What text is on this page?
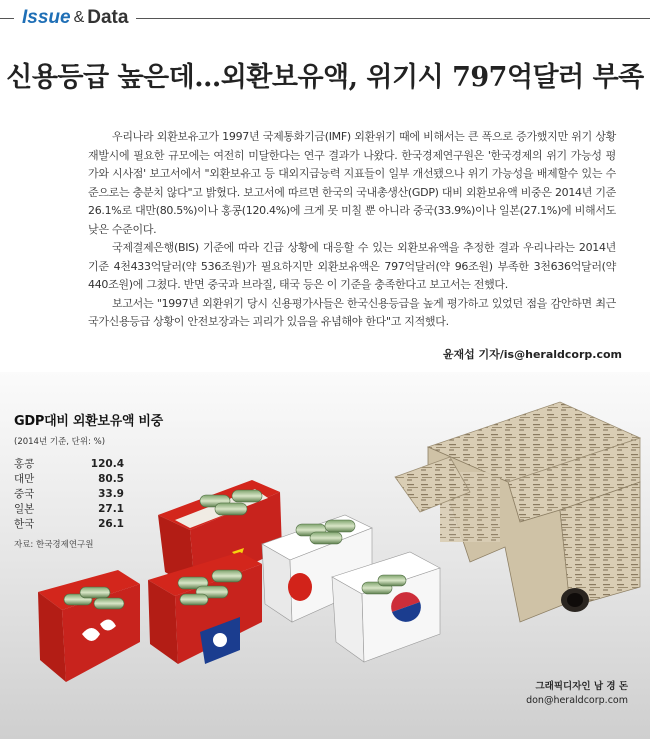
Issue & Data
신용등급 높은데…외환보유액, 위기시 797억달러 부족

우리나라 외환보유고가 1997년 국제통화기금(IMF) 외환위기 때에 비해서는 큰 폭으로 증가했지만 위기 상황 재발시에 필요한 규모에는 여전히 미달한다는 연구 결과가 나왔다. 한국경제연구원은 '한국경제의 위기 가능성 평가와 시사점' 보고서에서 "외환보유고 등 대외지급능력 지표들이 일부 개선됐으나 위기 가능성을 배제할수 있는 수준으로는 충분치 않다"고 밝혔다. 보고서에 따르면 한국의 국내총생산(GDP) 대비 외환보유액 비중은 2014년 기준 26.1%로 대만(80.5%)이나 홍콩(120.4%)에 크게 못 미칠 뿐 아니라 중국(33.9%)이나 일본(27.1%)에 비해서도 낮은 수준이다.

국제결제은행(BIS) 기준에 따라 긴급 상황에 대응할 수 있는 외환보유액을 추정한 결과 우리나라는 2014년 기준 4천433억달러(약 536조원)가 필요하지만 외환보유액은 797억달러(약 96조원) 부족한 3천636억달러(약 440조원)에 그쳤다. 반면 중국과 브라질, 태국 등은 이 기준을 충족한다고 보고서는 전했다.

보고서는 "1997년 외환위기 당시 신용평가사들은 한국신용등급을 높게 평가하고 있었던 점을 감안하면 최근 국가신용등급 상황이 안전보장과는 괴리가 있음을 유념해야 한다"고 지적했다.

윤재섭 기자/is@heraldcorp.com
GDP대비 외환보유액 비중
(2014년 기준, 단위: %)
홍콩	120.4
대만	80.5
중국	33.9
일본	27.1
한국	26.1
자료: 한국경제연구원
그래픽디자인 남 경 돈
don@heraldcorp.com
